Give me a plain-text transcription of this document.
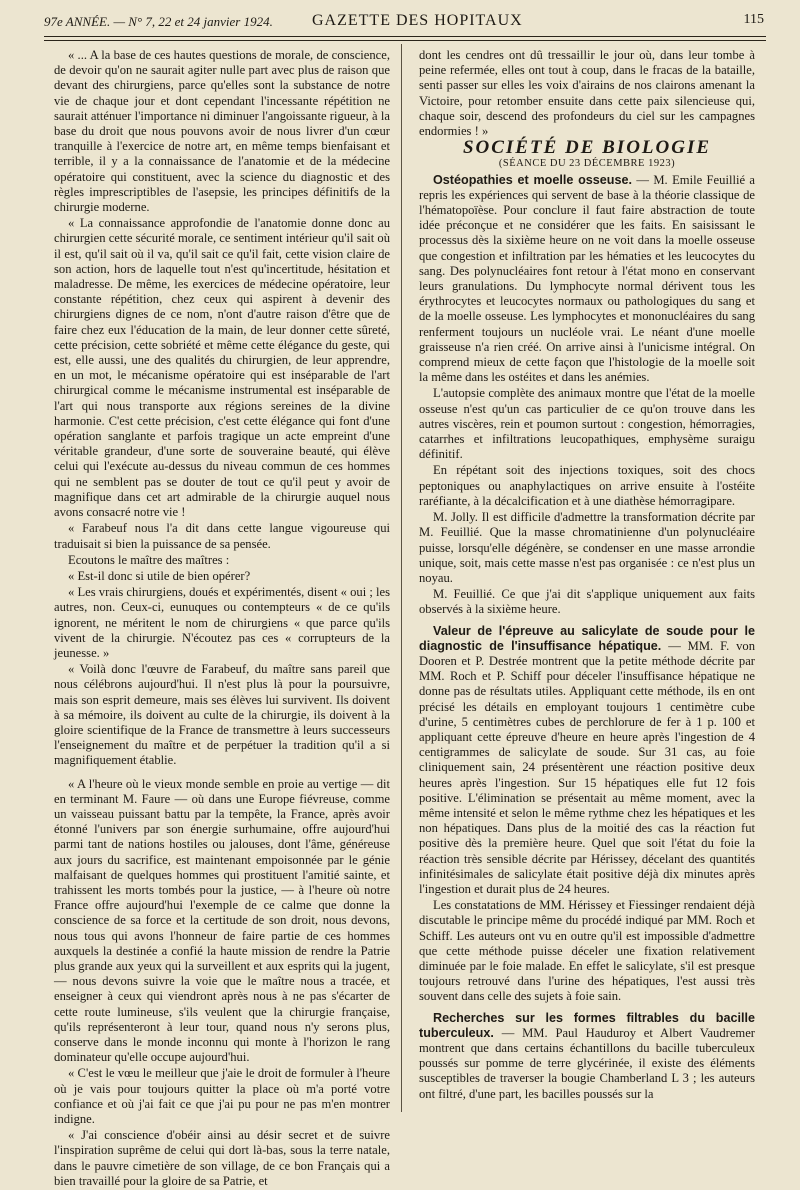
97e ANNÉE. — N° 7, 22 et 24 janvier 1924. GAZETTE DES HOPITAUX	115

« ... A la base de ces hautes questions de morale, de conscience, de devoir qu'on ne saurait agiter nulle part avec plus de raison que devant des chirurgiens, parce qu'elles sont la substance de notre vie de chaque jour et dont cependant l'incessante répétition ne saurait atténuer l'importance ni diminuer l'angoissante rigueur, à la base du droit que nous pouvons avoir de nous livrer d'un cœur tranquille à l'exercice de notre art, en même temps bienfaisant et terrible, il y a la connaissance de l'anatomie et de la médecine opératoire qui constituent, avec la science du diagnostic et des règles imprescriptibles de l'asepsie, les principes définitifs de la chirurgie moderne.

« La connaissance approfondie de l'anatomie donne donc au chirurgien cette sécurité morale, ce sentiment intérieur qu'il sait où il est, qu'il sait où il va, qu'il sait ce qu'il fait, cette vision claire de son action, hors de laquelle tout n'est qu'incertitude, hésitation et maladresse. De même, les exercices de médecine opératoire, leur constante répétition, chez ceux qui aspirent à devenir des chirurgiens dignes de ce nom, n'ont d'autre raison d'être que de faire chez eux l'éducation de la main, de leur donner cette sûreté, cette précision, cette sobriété et même cette élégance du geste, qui est, elle aussi, une des qualités du chirurgien, de leur apprendre, en un mot, le mécanisme opératoire qui est inséparable de l'art chirurgical comme le mécanisme instrumental est inséparable de l'art qui nous transporte aux régions sereines de la divine harmonie. C'est cette précision, c'est cette élégance qui font d'une opération sanglante et parfois tragique un acte empreint d'une véritable grandeur, d'une sorte de souveraine beauté, qui élève celui qui l'exécute au-dessus du niveau commun de ces hommes qui ne semblent pas se douter de tout ce qu'il peut y avoir de magnifique dans cet art admirable de la chirurgie auquel nous avons consacré notre vie !

« Farabeuf nous l'a dit dans cette langue vigoureuse qui traduisait si bien la puissance de sa pensée.

Ecoutons le maître des maîtres :

« Est-il donc si utile de bien opérer?

« Les vrais chirurgiens, doués et expérimentés, disent « oui ; les autres, non. Ceux-ci, eunuques ou contempteurs « de ce qu'ils ignorent, ne méritent le nom de chirurgiens « que parce qu'ils vivent de la chirurgie. N'écoutez pas ces « corrupteurs de la jeunesse. »

« Voilà donc l'œuvre de Farabeuf, du maître sans pareil que nous célébrons aujourd'hui. Il n'est plus là pour la poursuivre, mais son esprit demeure, mais ses élèves lui survivent. Ils doivent à sa mémoire, ils doivent au culte de la chirurgie, ils doivent à la gloire scientifique de la France de transmettre à leurs successeurs l'enseignement du maître et de perpétuer la tradition qu'il a si magnifiquement établie.

« A l'heure où le vieux monde semble en proie au vertige — dit en terminant M. Faure — où dans une Europe fiévreuse, comme un vaisseau puissant battu par la tempête, la France, après avoir étonné l'univers par son énergie surhumaine, offre aujourd'hui parmi tant de nations hostiles ou jalouses, dont l'âme, généreuse aux jours du sacrifice, est maintenant empoisonnée par le génie malfaisant de quelques hommes qui prostituent l'amitié sainte, et trahissent les morts tombés pour la justice, — à l'heure où notre France offre aujourd'hui l'exemple de ce calme que donne la conscience de sa force et la certitude de son droit, nous devons, nous tous qui avons l'honneur de faire partie de ces hommes auxquels la destinée a confié la haute mission de rendre la Patrie plus grande aux yeux qui la surveillent et aux esprits qui la jugent, — nous devons suivre la voie que le maître nous a tracée, et enseigner à ceux qui viendront après nous à ne pas s'écarter de cette route lumineuse, s'ils veulent que la chirurgie française, qu'ils représenteront à leur tour, quand nous n'y serons plus, conserve dans le monde inconnu qui monte à l'horizon le rang dominateur qu'elle occupe aujourd'hui.

« C'est le vœu le meilleur que j'aie le droit de formuler à l'heure où je vais pour toujours quitter la place où m'a porté votre confiance et où j'ai fait ce que j'ai pu pour ne pas m'en montrer indigne.

« J'ai conscience d'obéir ainsi au désir secret et de suivre l'inspiration suprême de celui qui dort là-bas, sous la terre natale, dans le pauvre cimetière de son village, de ce bon Français qui a bien travaillé pour la gloire de sa Patrie, et

dont les cendres ont dû tressaillir le jour où, dans leur tombe à peine refermée, elles ont tout à coup, dans le fracas de la bataille, senti passer sur elles les voix d'airains de nos clairons amenant la Victoire, pour retomber ensuite dans cette paix silencieuse qui, chaque soir, descend des profondeurs du ciel sur les campagnes endormies ! »

SOCIÉTÉ DE BIOLOGIE

(SÉANCE DU 23 DÉCEMBRE 1923)

Ostéopathies et moelle osseuse. — M. Emile Feuillié a repris les expériences qui servent de base à la théorie classique de l'hématopoïèse. Pour conclure il faut faire abstraction de toute idée préconçue et ne considérer que les faits. En saisissant le processus dès la sixième heure on ne voit dans la moelle osseuse que congestion et infiltration par les hématies et les leucocytes du sang. Des polynucléaires font retour à l'état mono en conservant leurs granulations. Du lymphocyte normal dérivent tous les érythrocytes et leucocytes normaux ou pathologiques du sang et de la moelle osseuse. Les lymphocytes et mononucléaires du sang renferment toujours un nucléole vrai. Le néant d'une moelle graisseuse n'a rien créé. On arrive ainsi à l'unicisme intégral. On comprend mieux de cette façon que l'histologie de la moelle soit la même dans les ostéites et dans les anémies.

L'autopsie complète des animaux montre que l'état de la moelle osseuse n'est qu'un cas particulier de ce qu'on trouve dans les autres viscères, rein et poumon surtout : congestion, hémorragies, catarrhes et infiltrations leucopathiques, emphysème suraigu définitif.

En répétant soit des injections toxiques, soit des chocs peptoniques ou anaphylactiques on arrive ensuite à l'ostéite raréfiante, à la décalcification et à une diathèse hémorragipare.

M. Jolly. Il est difficile d'admettre la transformation décrite par M. Feuillié. Que la masse chromatinienne d'un polynucléaire puisse, lorsqu'elle dégénère, se condenser en une masse arrondie unique, soit, mais cette masse n'est pas organisée : ce n'est plus un noyau.

M. Feuillié. Ce que j'ai dit s'applique uniquement aux faits observés à la sixième heure.

Valeur de l'épreuve au salicylate de soude pour le diagnostic de l'insuffisance hépatique. — MM. F. von Dooren et P. Destrée montrent que la petite méthode décrite par MM. Roch et P. Schiff pour déceler l'insuffisance hépatique ne donne pas de résultats utiles. Appliquant cette méthode, ils en ont précisé les détails en employant toujours 1 centimètre cube d'urine, 5 centimètres cubes de perchlorure de fer à 1 p. 100 et appliquant cette épreuve d'heure en heure après l'ingestion de 4 centigrammes de salicylate de soude. Sur 31 cas, au foie cliniquement sain, 24 présentèrent une réaction positive deux heures après l'ingestion. Sur 15 hépatiques elle fut 12 fois positive. L'élimination se présentait au même moment, avec la même intensité et selon le même rythme chez les hépatiques et les non hépatiques. Dans plus de la moitié des cas la réaction fut positive dès la première heure. Quel que soit l'état du foie la réaction très sensible décrite par Hérissey, décelant des quantités infinitésimales de salicylate était positive déjà dix minutes après l'ingestion et durait plus de 24 heures.

Les constatations de MM. Hérissey et Fiessinger rendaient déjà discutable le principe même du procédé indiqué par MM. Roch et Schiff. Les auteurs ont vu en outre qu'il est impossible d'admettre que cette méthode puisse déceler une fixation relativement diminuée par le foie malade. En effet le salicylate, s'il est presque toujours retrouvé dans l'urine des hépatiques, l'est aussi très souvent dans celle des sujets à foie sain.

Recherches sur les formes filtrables du bacille tuberculeux. — MM. Paul Hauduroy et Albert Vaudremer montrent que dans certains échantillons du bacille tuberculeux poussés sur pomme de terre glycérinée, il existe des éléments susceptibles de traverser la bougie Chamberland L 3 ; les auteurs ont filtré, d'une part, les bacilles poussés sur la
